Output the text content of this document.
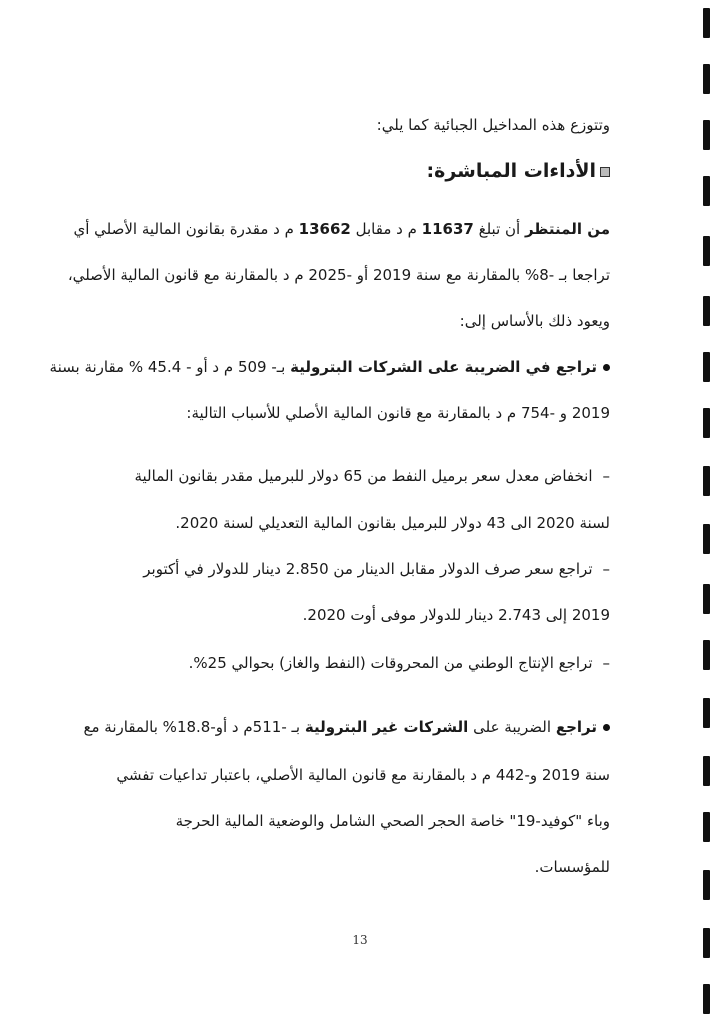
وتتوزع هذه المداخيل الجبائية كما يلي:
الأداءات المباشرة:
من المنتظر أن تبلغ 11637 م د مقابل 13662 م د مقدرة بقانون المالية الأصلي أي
تراجعا بـ -8% بالمقارنة مع سنة 2019 أو -2025 م د بالمقارنة مع قانون المالية الأصلي،
ويعود ذلك بالأساس إلى:
تراجع في الضريبة على الشركات البترولية بـ- 509 م د أو - 45.4 % مقارنة بسنة
2019 و -754 م د بالمقارنة مع قانون المالية الأصلي للأسباب التالية:
–انخفاض معدل سعر برميل النفط من 65 دولار للبرميل مقدر بقانون المالية
لسنة 2020 الى 43 دولار للبرميل بقانون المالية التعديلي لسنة 2020.
–تراجع سعر صرف الدولار مقابل الدينار من 2.850 دينار للدولار في أكتوبر
2019 إلى 2.743 دينار للدولار موفى أوت 2020.
–تراجع الإنتاج الوطني من المحروقات (النفط والغاز) بحوالي 25%.
تراجع الضريبة على الشركات غير البترولية بـ -511م د أو-18.8% بالمقارنة مع
سنة 2019 و-442 م د بالمقارنة مع قانون المالية الأصلي، باعتبار تداعيات تفشي
وباء "كوفيد-19" خاصة الحجر الصحي الشامل والوضعية المالية الحرجة
للمؤسسات.
13
